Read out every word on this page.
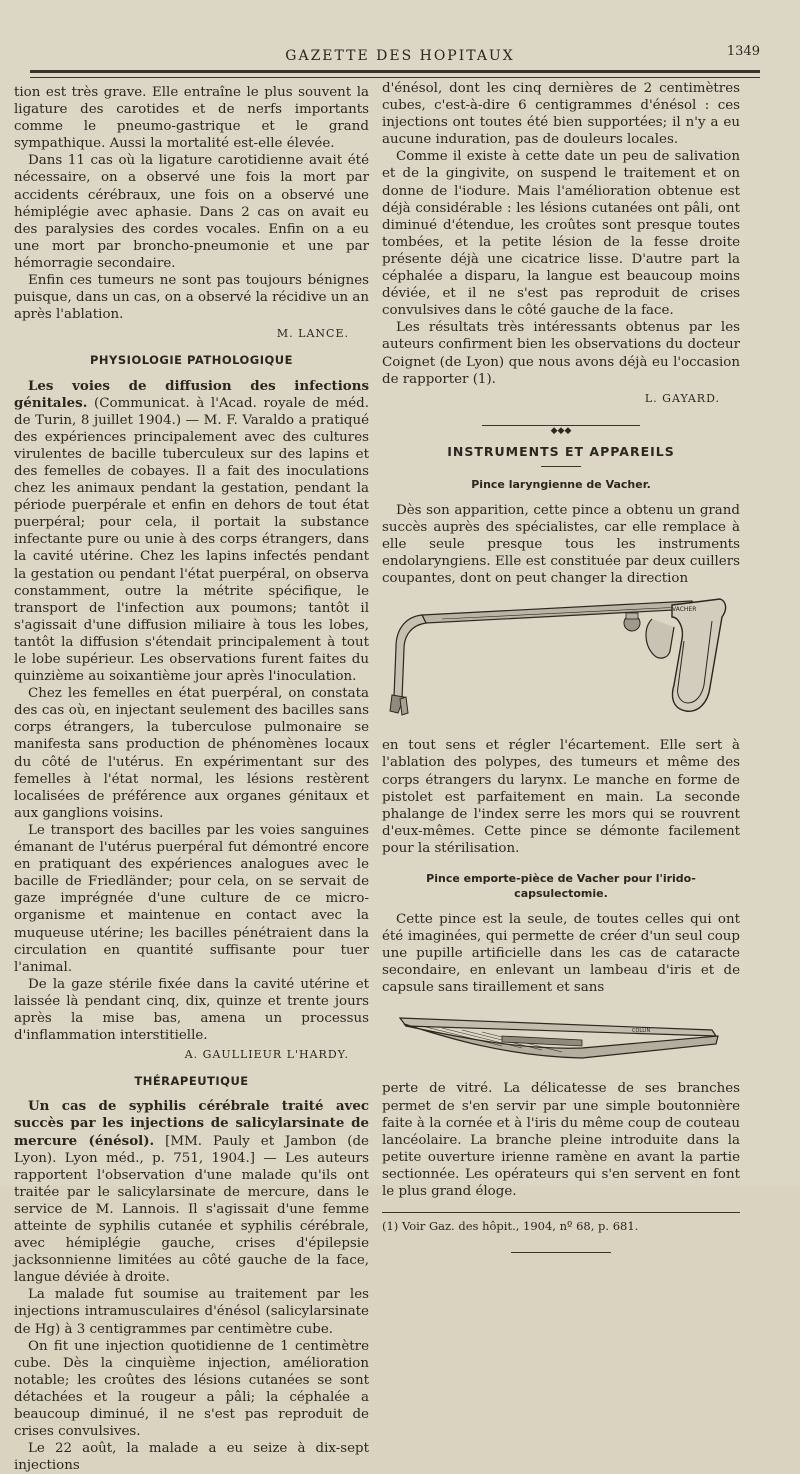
GAZETTE DES HOPITAUX	1349

tion est très grave. Elle entraîne le plus souvent la ligature des carotides et de nerfs importants comme le pneumo-gastrique et le grand sympathique. Aussi la mortalité est-elle élevée.

Dans 11 cas où la ligature carotidienne avait été nécessaire, on a observé une fois la mort par accidents cérébraux, une fois on a observé une hémiplégie avec aphasie. Dans 2 cas on avait eu des paralysies des cordes vocales. Enfin on a eu une mort par broncho-pneumonie et une par hémorragie secondaire.

Enfin ces tumeurs ne sont pas toujours bénignes puisque, dans un cas, on a observé la récidive un an après l'ablation.

M. LANCE.
PHYSIOLOGIE PATHOLOGIQUE

Les voies de diffusion des infections génitales. (Communicat. à l'Acad. royale de méd. de Turin, 8 juillet 1904.) — M. F. Varaldo a pratiqué des expériences principalement avec des cultures virulentes de bacille tuberculeux sur des lapins et des femelles de cobayes. Il a fait des inoculations chez les animaux pendant la gestation, pendant la période puerpérale et enfin en dehors de tout état puerpéral; pour cela, il portait la substance infectante pure ou unie à des corps étrangers, dans la cavité utérine. Chez les lapins infectés pendant la gestation ou pendant l'état puerpéral, on observa constamment, outre la métrite spécifique, le transport de l'infection aux poumons; tantôt il s'agissait d'une diffusion miliaire à tous les lobes, tantôt la diffusion s'étendait principalement à tout le lobe supérieur. Les observations furent faites du quinzième au soixantième jour après l'inoculation.

Chez les femelles en état puerpéral, on constata des cas où, en injectant seulement des bacilles sans corps étrangers, la tuberculose pulmonaire se manifesta sans production de phénomènes locaux du côté de l'utérus. En expérimentant sur des femelles à l'état normal, les lésions restèrent localisées de préférence aux organes génitaux et aux ganglions voisins.

Le transport des bacilles par les voies sanguines émanant de l'utérus puerpéral fut démontré encore en pratiquant des expériences analogues avec le bacille de Friedländer; pour cela, on se servait de gaze imprégnée d'une culture de ce micro-organisme et maintenue en contact avec la muqueuse utérine; les bacilles pénétraient dans la circulation en quantité suffisante pour tuer l'animal.

De la gaze stérile fixée dans la cavité utérine et laissée là pendant cinq, dix, quinze et trente jours après la mise bas, amena un processus d'inflammation interstitielle.

A. GAULLIEUR L'HARDY.
THÉRAPEUTIQUE

Un cas de syphilis cérébrale traité avec succès par les injections de salicylarsinate de mercure (énésol). [MM. Pauly et Jambon (de Lyon). Lyon méd., p. 751, 1904.] — Les auteurs rapportent l'observation d'une malade qu'ils ont traitée par le salicylarsinate de mercure, dans le service de M. Lannois. Il s'agissait d'une femme atteinte de syphilis cutanée et syphilis cérébrale, avec hémiplégie gauche, crises d'épilepsie jacksonnienne limitées au côté gauche de la face, langue déviée à droite.

La malade fut soumise au traitement par les injections intramusculaires d'énésol (salicylarsinate de Hg) à 3 centigrammes par centimètre cube.

On fit une injection quotidienne de 1 centimètre cube. Dès la cinquième injection, amélioration notable; les croûtes des lésions cutanées se sont détachées et la rougeur a pâli; la céphalée a beaucoup diminué, il ne s'est pas reproduit de crises convulsives.

Le 22 août, la malade a eu seize à dix-sept injections

d'énésol, dont les cinq dernières de 2 centimètres cubes, c'est-à-dire 6 centigrammes d'énésol : ces injections ont toutes été bien supportées; il n'y a eu aucune induration, pas de douleurs locales.

Comme il existe à cette date un peu de salivation et de la gingivite, on suspend le traitement et on donne de l'iodure. Mais l'amélioration obtenue est déjà considérable : les lésions cutanées ont pâli, ont diminué d'étendue, les croûtes sont presque toutes tombées, et la petite lésion de la fesse droite présente déjà une cicatrice lisse. D'autre part la céphalée a disparu, la langue est beaucoup moins déviée, et il ne s'est pas reproduit de crises convulsives dans le côté gauche de la face.

Les résultats très intéressants obtenus par les auteurs confirment bien les observations du docteur Coignet (de Lyon) que nous avons déjà eu l'occasion de rapporter (1).

L. GAYARD.
◆◆◆
INSTRUMENTS ET APPAREILS
Pince laryngienne de Vacher.

Dès son apparition, cette pince a obtenu un grand succès auprès des spécialistes, car elle remplace à elle seule presque tous les instruments endolaryngiens. Elle est constituée par deux cuillers coupantes, dont on peut changer la direction

VACHER

en tout sens et régler l'écartement. Elle sert à l'ablation des polypes, des tumeurs et même des corps étrangers du larynx. Le manche en forme de pistolet est parfaitement en main. La seconde phalange de l'index serre les mors qui se rouvrent d'eux-mêmes. Cette pince se démonte facilement pour la stérilisation.

Pince emporte-pièce de Vacher pour l'irido-capsulectomie.

Cette pince est la seule, de toutes celles qui ont été imaginées, qui permette de créer d'un seul coup une pupille artificielle dans les cas de cataracte secondaire, en enlevant un lambeau d'iris et de capsule sans tiraillement et sans

COLLIN

perte de vitré. La délicatesse de ses branches permet de s'en servir par une simple boutonnière faite à la cornée et à l'iris du même coup de couteau lancéolaire. La branche pleine introduite dans la petite ouverture irienne ramène en avant la partie sectionnée. Les opérateurs qui s'en servent en font le plus grand éloge.

(1) Voir Gaz. des hôpit., 1904, nº 68, p. 681.
